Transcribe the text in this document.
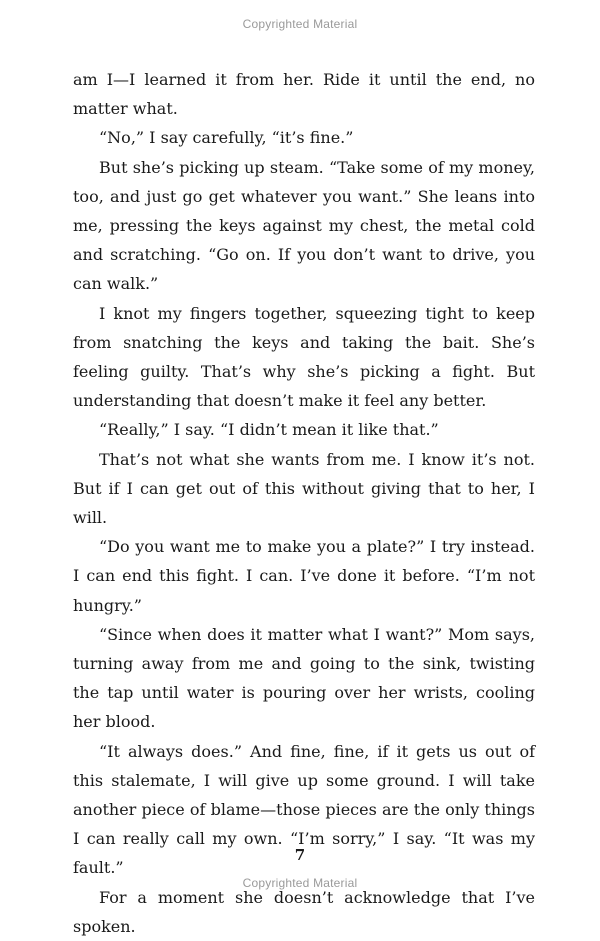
Copyrighted Material

am I—I learned it from her. Ride it until the end, no matter what.

“No,” I say carefully, “it’s fine.”

But she’s picking up steam. “Take some of my money, too, and just go get whatever you want.” She leans into me, pressing the keys against my chest, the metal cold and scratching. “Go on. If you don’t want to drive, you can walk.”

I knot my fingers together, squeezing tight to keep from snatching the keys and taking the bait. She’s feeling guilty. That’s why she’s picking a fight. But understanding that doesn’t make it feel any better.

“Really,” I say. “I didn’t mean it like that.”

That’s not what she wants from me. I know it’s not. But if I can get out of this without giving that to her, I will.

“Do you want me to make you a plate?” I try instead. I can end this fight. I can. I’ve done it before. “I’m not hungry.”

“Since when does it matter what I want?” Mom says, turning away from me and going to the sink, twisting the tap until water is pouring over her wrists, cooling her blood.

“It always does.” And fine, fine, if it gets us out of this stalemate, I will give up some ground. I will take another piece of blame—those pieces are the only things I can really call my own. “I’m sorry,” I say. “It was my fault.”

For a moment she doesn’t acknowledge that I’ve spoken.

7
Copyrighted Material
